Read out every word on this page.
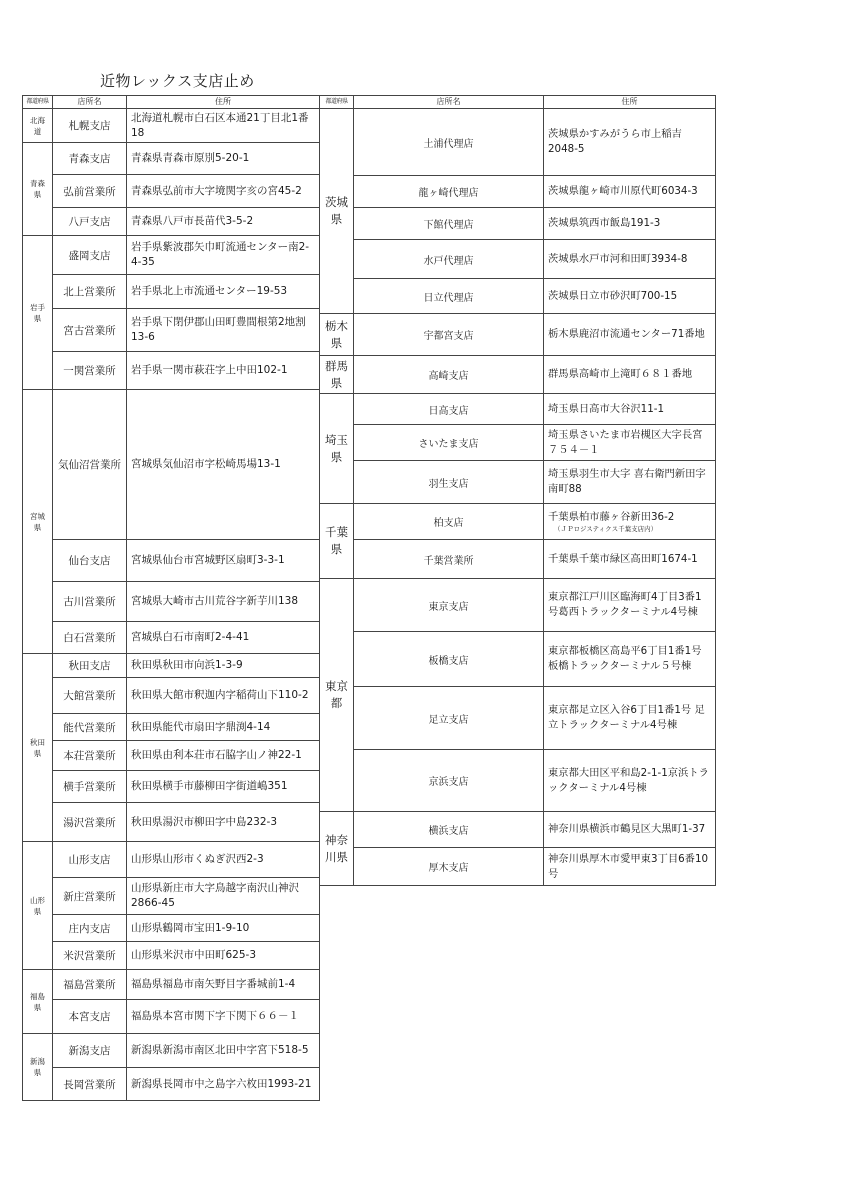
近物レックス支店止め
都道府県	店所名	住所
北海道	札幌支店	北海道札幌市白石区本通21丁目北1番18
青森県	青森支店	青森県青森市原別5-20-1
	弘前営業所	青森県弘前市大字境関字亥の宮45-2
	八戸支店	青森県八戸市長苗代3-5-2
岩手県	盛岡支店	岩手県紫波郡矢巾町流通センター南2-4-35
	北上営業所	岩手県北上市流通センター19-53
	宮古営業所	岩手県下閉伊郡山田町豊間根第2地割13-6
	一関営業所	岩手県一関市萩荘字上中田102-1
宮城県	気仙沼営業所	宮城県気仙沼市字松崎馬場13-1
	仙台支店	宮城県仙台市宮城野区扇町3-3-1
	古川営業所	宮城県大崎市古川荒谷字新芋川138
	白石営業所	宮城県白石市南町2-4-41
秋田県	秋田支店	秋田県秋田市向浜1-3-9
	大館営業所	秋田県大館市釈迦内字稲荷山下110-2
	能代営業所	秋田県能代市扇田字鼎渕4-14
	本荘営業所	秋田県由利本荘市石脇字山ノ神22-1
	横手営業所	秋田県横手市藤柳田字街道嶋351
	湯沢営業所	秋田県湯沢市柳田字中島232-3
山形県	山形支店	山形県山形市くぬぎ沢西2-3
	新庄営業所	山形県新庄市大字鳥越字南沢山神沢2866-45
	庄内支店	山形県鶴岡市宝田1-9-10
	米沢営業所	山形県米沢市中田町625-3
福島県	福島営業所	福島県福島市南矢野目字番城前1-4
	本宮支店	福島県本宮市関下字下関下６６－１
新潟県	新潟支店	新潟県新潟市南区北田中字宮下518-5
	長岡営業所	新潟県長岡市中之島字六枚田1993-21
都道府県	店所名	住所
茨城県	土浦代理店	茨城県かすみがうら市上稲吉2048-5
	龍ヶ崎代理店	茨城県龍ヶ崎市川原代町6034-3
	下館代理店	茨城県筑西市飯島191-3
	水戸代理店	茨城県水戸市河和田町3934-8
	日立代理店	茨城県日立市砂沢町700-15
栃木県	宇都宮支店	栃木県鹿沼市流通センター71番地
群馬県	高崎支店	群馬県高崎市上滝町６８１番地
埼玉県	日高支店	埼玉県日高市大谷沢11-1
	さいたま支店	埼玉県さいたま市岩槻区大字長宮７５４－１
	羽生支店	埼玉県羽生市大字 喜右衛門新田字南町88
千葉県	柏支店	千葉県柏市藤ヶ谷新田36-2
（ＪＰロジスティクス千葉支店内）

	千葉営業所	千葉県千葉市緑区高田町1674-1
東京都	東京支店	東京都江戸川区臨海町4丁目3番1号葛西トラックターミナル4号棟
	板橋支店	東京都板橋区高島平6丁目1番1号板橋トラックターミナル５号棟
	足立支店	東京都足立区入谷6丁目1番1号 足立トラックターミナル4号棟
	京浜支店	東京都大田区平和島2-1-1京浜トラックターミナル4号棟
神奈川県	横浜支店	神奈川県横浜市鶴見区大黒町1-37
	厚木支店	神奈川県厚木市愛甲東3丁目6番10号
